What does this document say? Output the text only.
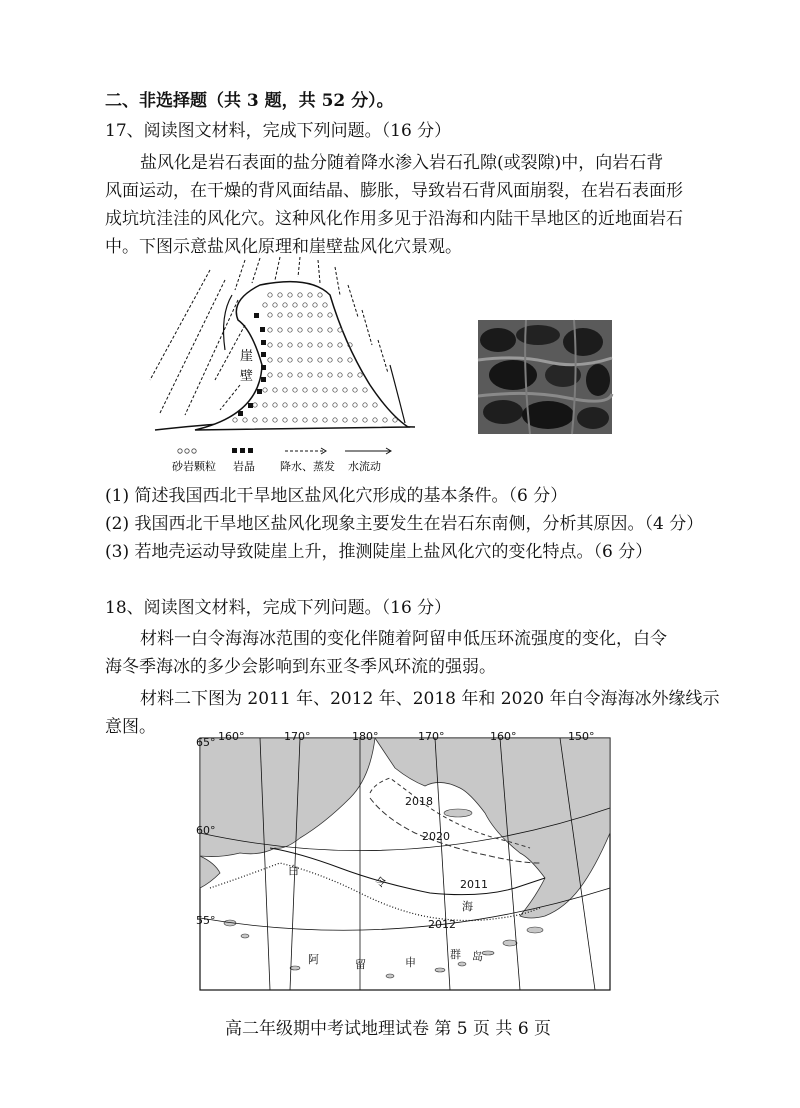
二、非选择题（共 3 题，共 52 分）。
17、阅读图文材料，完成下列问题。（16 分）
盐风化是岩石表面的盐分随着降水渗入岩石孔隙(或裂隙)中，向岩石背
风面运动，在干燥的背风面结晶、膨胀，导致岩石背风面崩裂，在岩石表面形
成坑坑洼洼的风化穴。这种风化作用多见于沿海和内陆干旱地区的近地面岩石
中。下图示意盐风化原理和崖壁盐风化穴景观。
崖
壁
砂岩颗粒 岩晶 降水、蒸发 水流动
(1) 简述我国西北干旱地区盐风化穴形成的基本条件。（6 分）
(2) 我国西北干旱地区盐风化现象主要发生在岩石东南侧，分析其原因。（4 分）
(3) 若地壳运动导致陡崖上升，推测陡崖上盐风化穴的变化特点。（6 分）
18、阅读图文材料，完成下列问题。（16 分）
材料一白令海海冰范围的变化伴随着阿留申低压环流强度的变化，白令
海冬季海冰的多少会影响到东亚冬季风环流的强弱。
材料二下图为 2011 年、2012 年、2018 年和 2020 年白令海海冰外缘线示
意图。
65°
60°
55°
2018
2020
2011
2012
白
令
海
阿	留	申
群 岛
160°	170°	180°	170°	160°	150°
高二年级期中考试地理试卷 第 5 页 共 6 页
